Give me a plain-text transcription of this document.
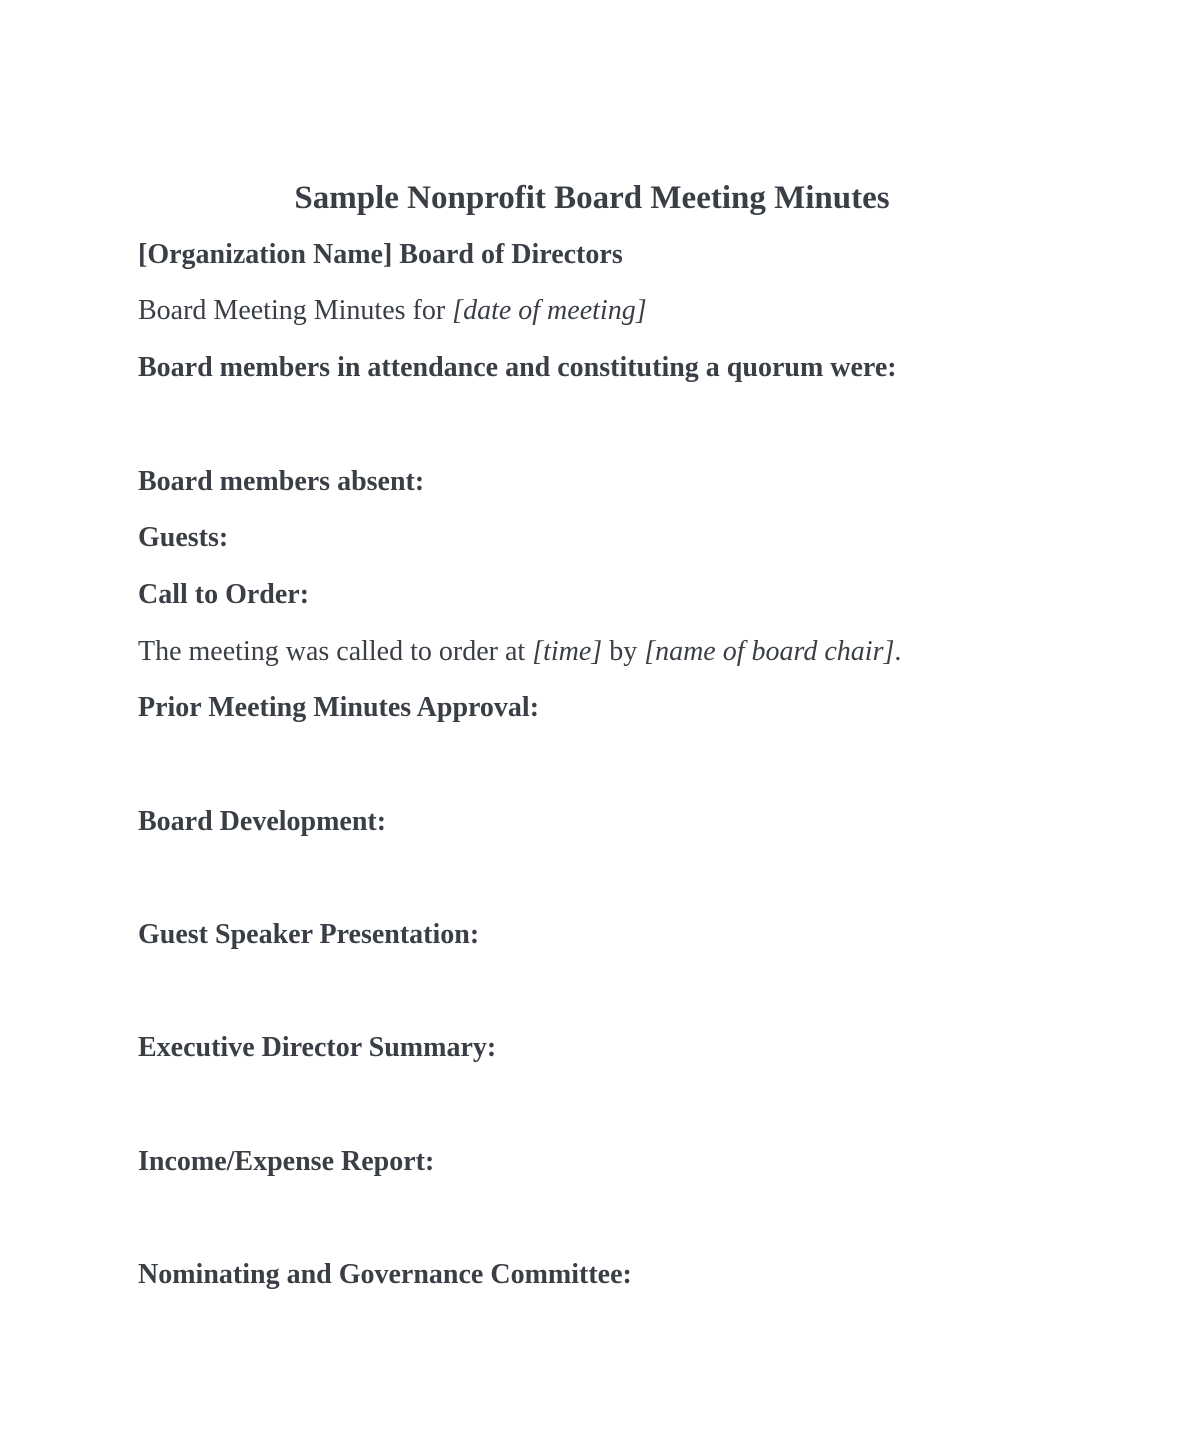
Sample Nonprofit Board Meeting Minutes
[Organization Name] Board of Directors
Board Meeting Minutes for [date of meeting]
Board members in attendance and constituting a quorum were:
Board members absent:
Guests:
Call to Order:
The meeting was called to order at [time] by [name of board chair].
Prior Meeting Minutes Approval:
Board Development:
Guest Speaker Presentation:
Executive Director Summary:
Income/Expense Report:
Nominating and Governance Committee:
